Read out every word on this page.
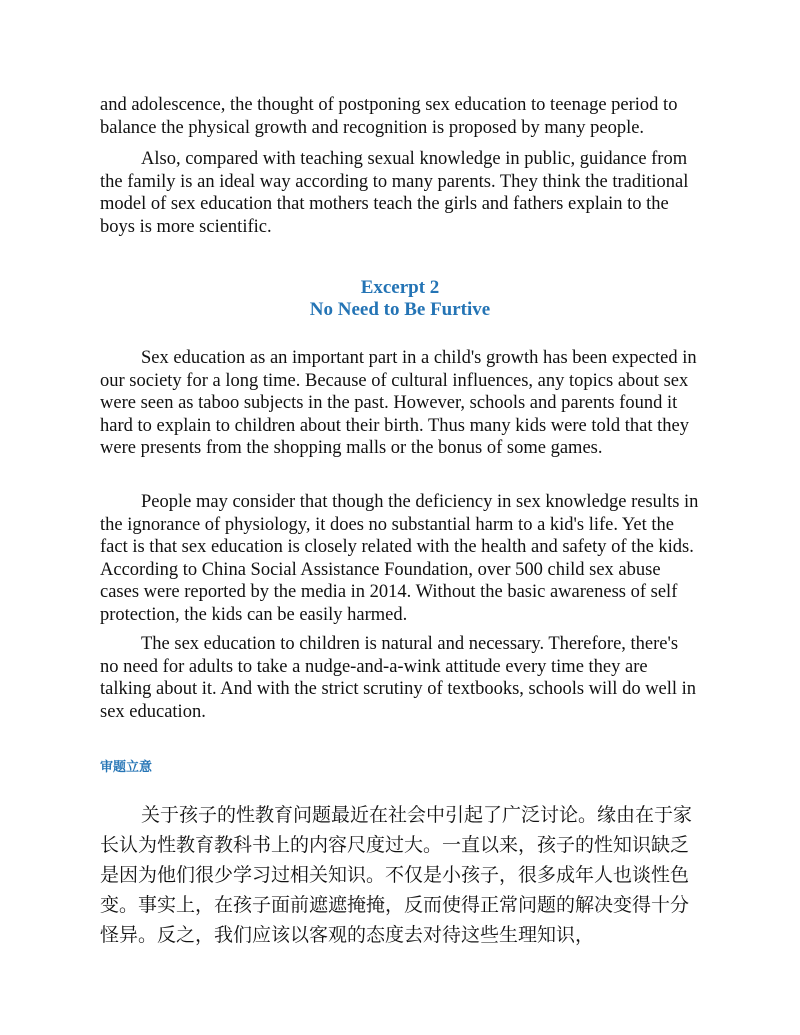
and adolescence, the thought of postponing sex education to teenage period to balance the physical growth and recognition is proposed by many people.

Also, compared with teaching sexual knowledge in public, guidance from the family is an ideal way according to many parents. They think the traditional model of sex education that mothers teach the girls and fathers explain to the boys is more scientific.

Excerpt 2
No Need to Be Furtive

Sex education as an important part in a child's growth has been expected in our society for a long time. Because of cultural influences, any topics about sex were seen as taboo subjects in the past. However, schools and parents found it hard to explain to children about their birth. Thus many kids were told that they were presents from the shopping malls or the bonus of some games.

People may consider that though the deficiency in sex knowledge results in the ignorance of physiology, it does no substantial harm to a kid's life. Yet the fact is that sex education is closely related with the health and safety of the kids. According to China Social Assistance Foundation, over 500 child sex abuse cases were reported by the media in 2014. Without the basic awareness of self protection, the kids can be easily harmed.

The sex education to children is natural and necessary. Therefore, there's no need for adults to take a nudge-and-a-wink attitude every time they are talking about it. And with the strict scrutiny of textbooks, schools will do well in sex education.

审题立意

关于孩子的性教育问题最近在社会中引起了广泛讨论。缘由在于家长认为性教育教科书上的内容尺度过大。一直以来，孩子的性知识缺乏是因为他们很少学习过相关知识。不仅是小孩子，很多成年人也谈性色变。事实上，在孩子面前遮遮掩掩，反而使得正常问题的解决变得十分怪异。反之，我们应该以客观的态度去对待这些生理知识，
